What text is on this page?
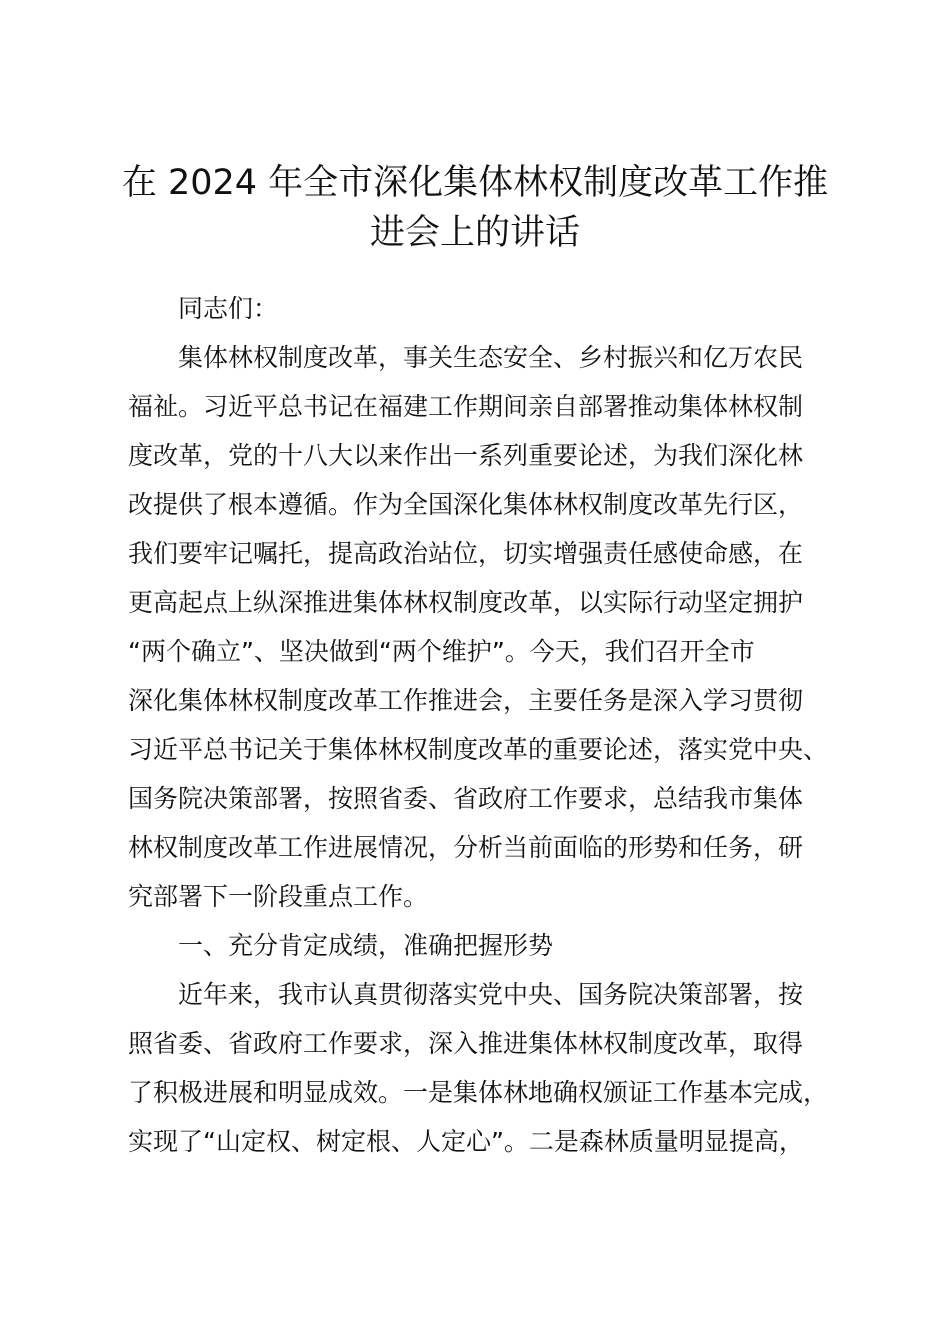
在 2024 年全市深化集体林权制度改革工作推
进会上的讲话
同志们：
集体林权制度改革，事关生态安全、乡村振兴和亿万农民
福祉。习近平总书记在福建工作期间亲自部署推动集体林权制
度改革，党的十八大以来作出一系列重要论述，为我们深化林
改提供了根本遵循。作为全国深化集体林权制度改革先行区，
我们要牢记嘱托，提高政治站位，切实增强责任感使命感，在
更高起点上纵深推进集体林权制度改革，以实际行动坚定拥护
“两个确立”、坚决做到“两个维护”。今天，我们召开全市
深化集体林权制度改革工作推进会，主要任务是深入学习贯彻
习近平总书记关于集体林权制度改革的重要论述，落实党中央、
国务院决策部署，按照省委、省政府工作要求，总结我市集体
林权制度改革工作进展情况，分析当前面临的形势和任务，研
究部署下一阶段重点工作。
一、充分肯定成绩，准确把握形势
近年来，我市认真贯彻落实党中央、国务院决策部署，按
照省委、省政府工作要求，深入推进集体林权制度改革，取得
了积极进展和明显成效。一是集体林地确权颁证工作基本完成，
实现了“山定权、树定根、人定心”。二是森林质量明显提高，
